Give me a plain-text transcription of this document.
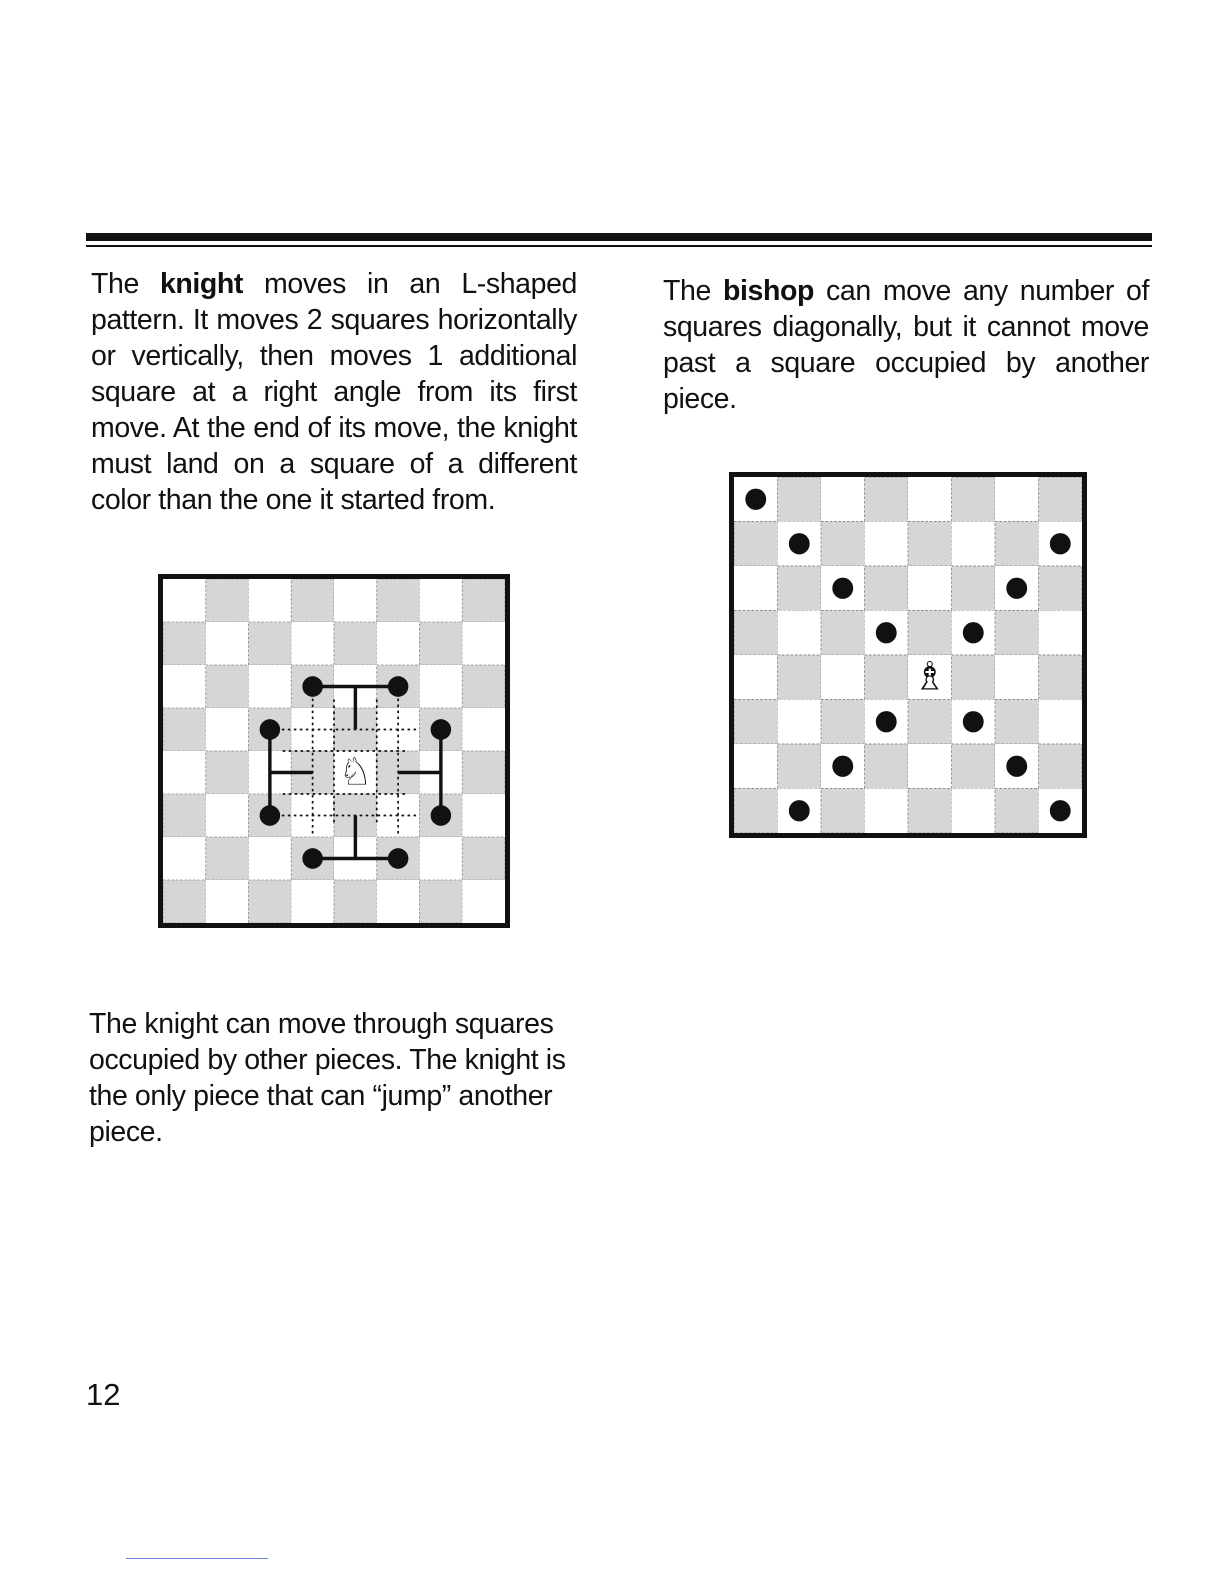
The knight moves in an L-shaped pattern. It moves 2 squares horizontally or vertically, then moves 1 additional square at a right angle from its first move. At the end of its move, the knight must land on a square of a different color than the one it started from.

The bishop can move any number of squares diagonally, but it cannot move past a square occupied by another piece.

♘
♗

The knight can move through squares occupied by other pieces. The knight is the only piece that can “jump” another piece.

12
